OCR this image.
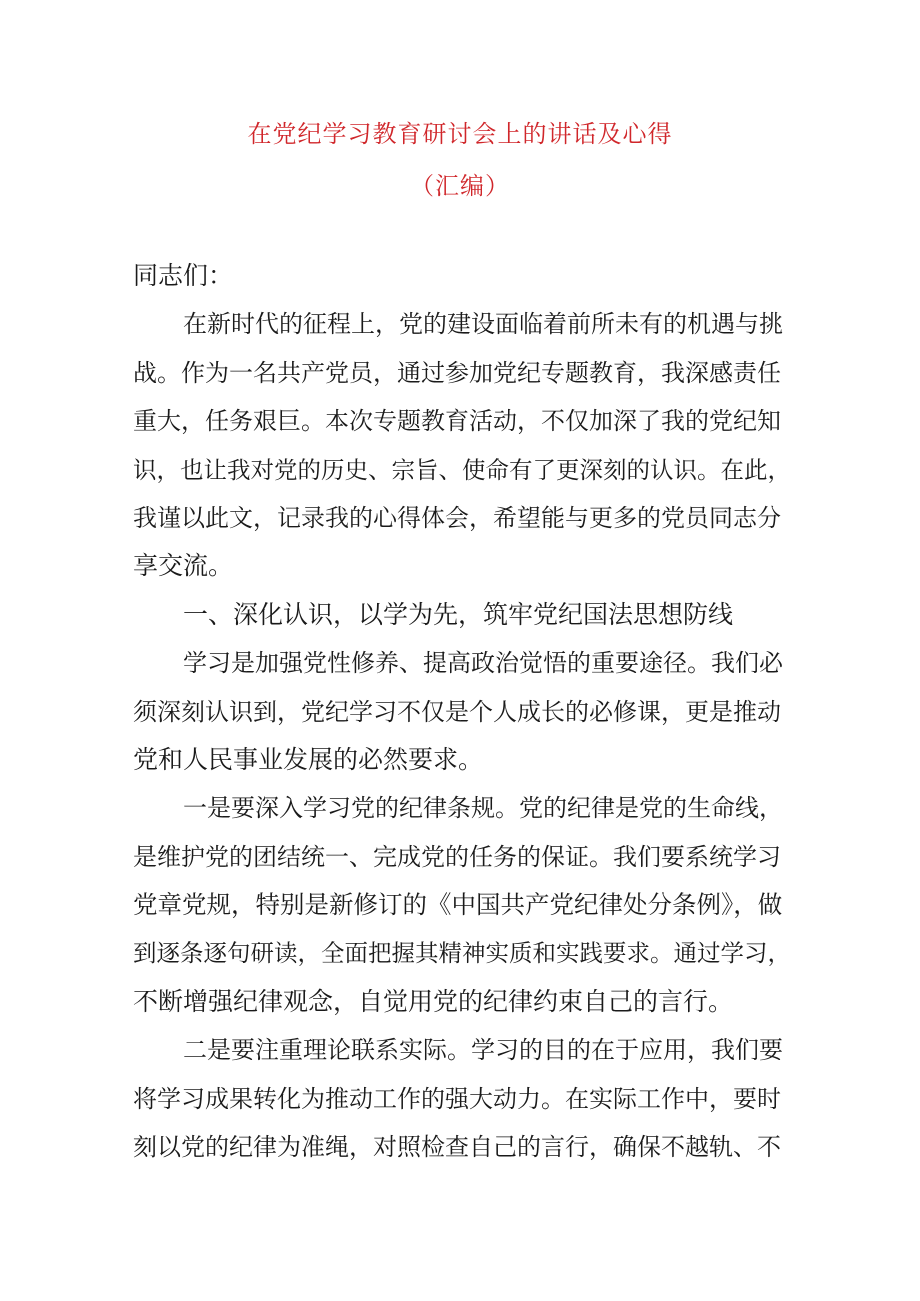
在党纪学习教育研讨会上的讲话及心得
（汇编）
同志们：
在新时代的征程上，党的建设面临着前所未有的机遇与挑
战。作为一名共产党员，通过参加党纪专题教育，我深感责任
重大，任务艰巨。本次专题教育活动，不仅加深了我的党纪知
识，也让我对党的历史、宗旨、使命有了更深刻的认识。在此，
我谨以此文，记录我的心得体会，希望能与更多的党员同志分
享交流。
一、深化认识，以学为先，筑牢党纪国法思想防线
学习是加强党性修养、提高政治觉悟的重要途径。我们必
须深刻认识到，党纪学习不仅是个人成长的必修课，更是推动
党和人民事业发展的必然要求。
一是要深入学习党的纪律条规。党的纪律是党的生命线，
是维护党的团结统一、完成党的任务的保证。我们要系统学习
党章党规，特别是新修订的《中国共产党纪律处分条例》，做
到逐条逐句研读，全面把握其精神实质和实践要求。通过学习，
不断增强纪律观念，自觉用党的纪律约束自己的言行。
二是要注重理论联系实际。学习的目的在于应用，我们要
将学习成果转化为推动工作的强大动力。在实际工作中，要时
刻以党的纪律为准绳，对照检查自己的言行，确保不越轨、不
